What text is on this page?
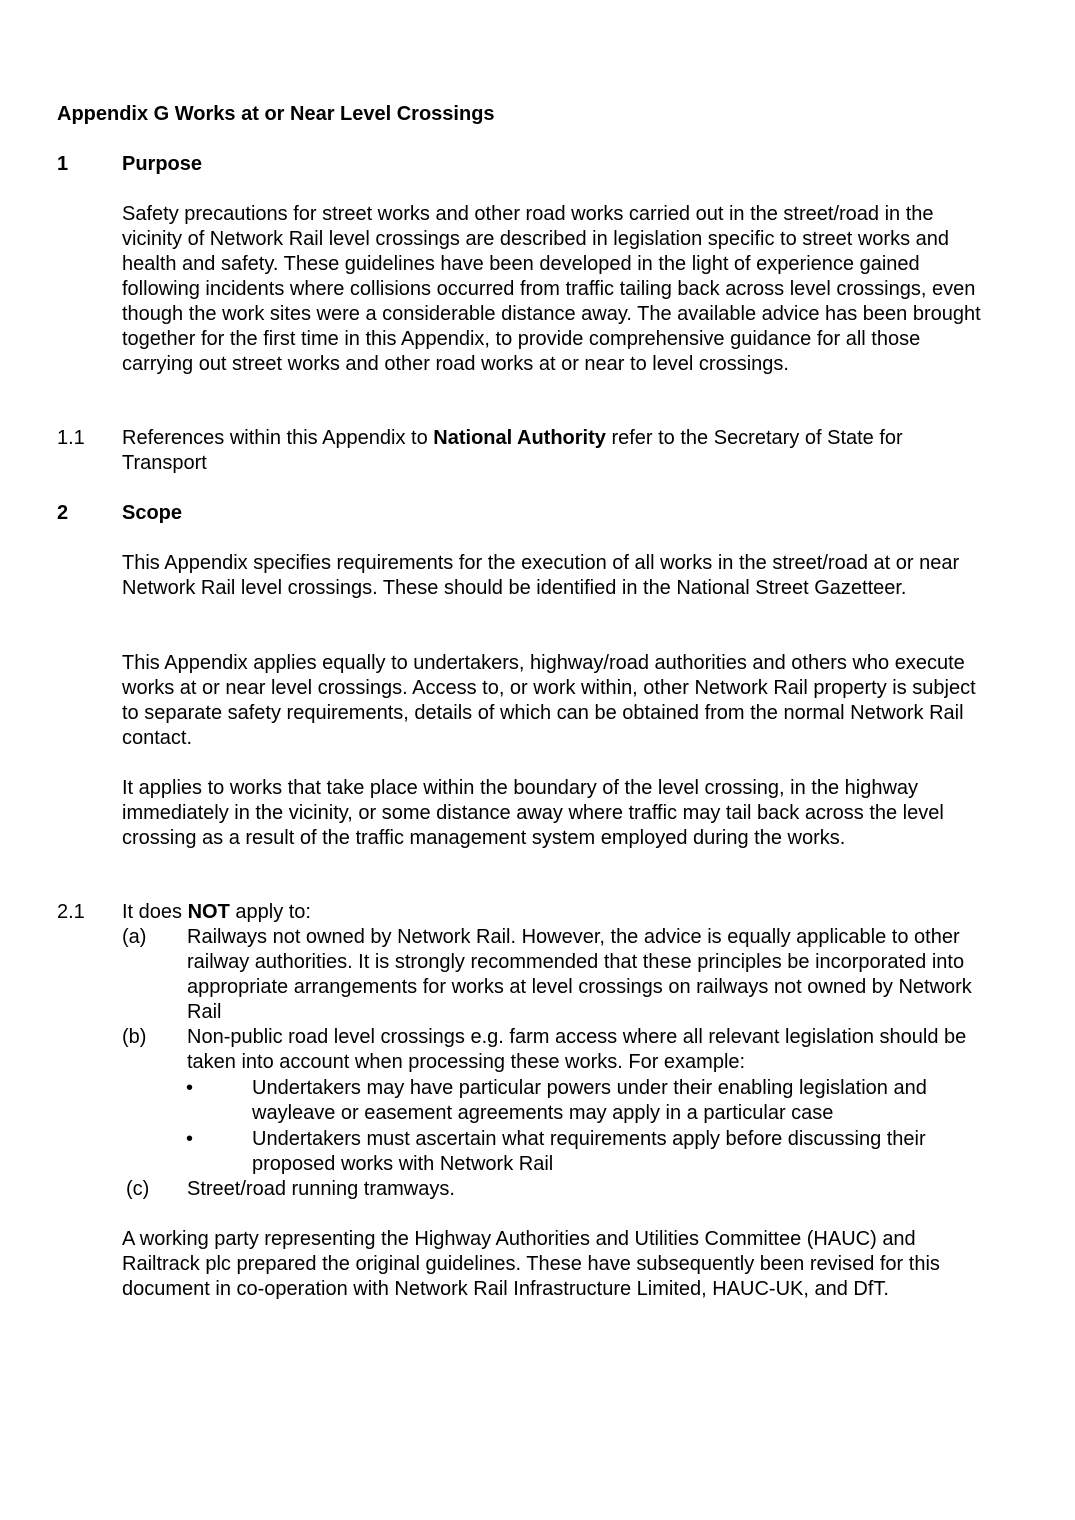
Appendix G Works at or Near Level Crossings
1	Purpose

Safety precautions for street works and other road works carried out in the street/road in the vicinity of Network Rail level crossings are described in legislation specific to street works and health and safety. These guidelines have been developed in the light of experience gained following incidents where collisions occurred from traffic tailing back across level crossings, even though the work sites were a considerable distance away. The available advice has been brought together for the first time in this Appendix, to provide comprehensive guidance for all those carrying out street works and other road works at or near to level crossings.

1.1 References within this Appendix to National Authority refer to the Secretary of State for Transport

2	Scope

This Appendix specifies requirements for the execution of all works in the street/road at or near Network Rail level crossings. These should be identified in the National Street Gazetteer.

This Appendix applies equally to undertakers, highway/road authorities and others who execute works at or near level crossings. Access to, or work within, other Network Rail property is subject to separate safety requirements, details of which can be obtained from the normal Network Rail contact.

It applies to works that take place within the boundary of the level crossing, in the highway immediately in the vicinity, or some distance away where traffic may tail back across the level crossing as a result of the traffic management system employed during the works.

2.1 It does NOT apply to:

(a) Railways not owned by Network Rail. However, the advice is equally applicable to other railway authorities. It is strongly recommended that these principles be incorporated into appropriate arrangements for works at level crossings on railways not owned by Network Rail

(b) Non-public road level crossings e.g. farm access where all relevant legislation should be taken into account when processing these works. For example:

•	Undertakers may have particular powers under their enabling legislation and wayleave or easement agreements may apply in a particular case

•	Undertakers must ascertain what requirements apply before discussing their proposed works with Network Rail

(c) Street/road running tramways.

A working party representing the Highway Authorities and Utilities Committee (HAUC) and Railtrack plc prepared the original guidelines. These have subsequently been revised for this document in co-operation with Network Rail Infrastructure Limited, HAUC-UK, and DfT.
